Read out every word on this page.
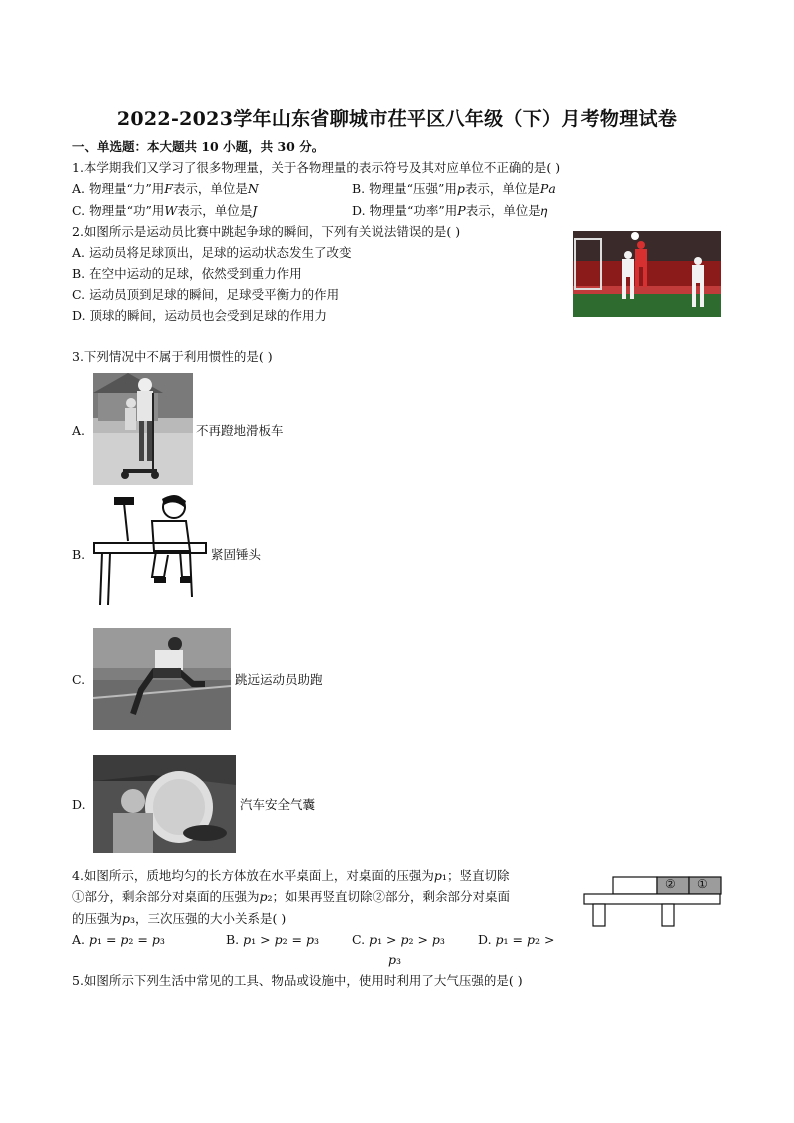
2022-2023学年山东省聊城市茌平区八年级（下）月考物理试卷
一、单选题：本大题共 10 小题，共 30 分。
1.本学期我们又学习了很多物理量，关于各物理量的表示符号及其对应单位不正确的是( )
A. 物理量“力”用𝐹表示，单位是𝑁	B. 物理量“压强”用𝑝表示，单位是𝑃𝑎
C. 物理量“功”用𝑊表示，单位是𝐽	D. 物理量“功率”用𝑃表示，单位是𝜂
2.如图所示是运动员比赛中跳起争球的瞬间，下列有关说法错误的是( )
A. 运动员将足球顶出，足球的运动状态发生了改变
B. 在空中运动的足球，依然受到重力作用
C. 运动员顶到足球的瞬间，足球受平衡力的作用
D. 顶球的瞬间，运动员也会受到足球的作用力
3.下列情况中不属于利用惯性的是( )
A.	不再蹬地滑板车
B.	紧固锤头
C.	跳远运动员助跑
D.	汽车安全气囊
4.如图所示，质地均匀的长方体放在水平桌面上，对桌面的压强为𝑝₁；竖直切除
①部分，剩余部分对桌面的压强为𝑝₂；如果再竖直切除②部分，剩余部分对桌面
的压强为𝑝₃，三次压强的大小关系是( )
A. 𝑝₁ = 𝑝₂ = 𝑝₃	B. 𝑝₁ > 𝑝₂ = 𝑝₃	C. 𝑝₁ > 𝑝₂ > 𝑝₃	D. 𝑝₁ = 𝑝₂ >
𝑝₃
② ①
5.如图所示下列生活中常见的工具、物品或设施中，使用时利用了大气压强的是( )
